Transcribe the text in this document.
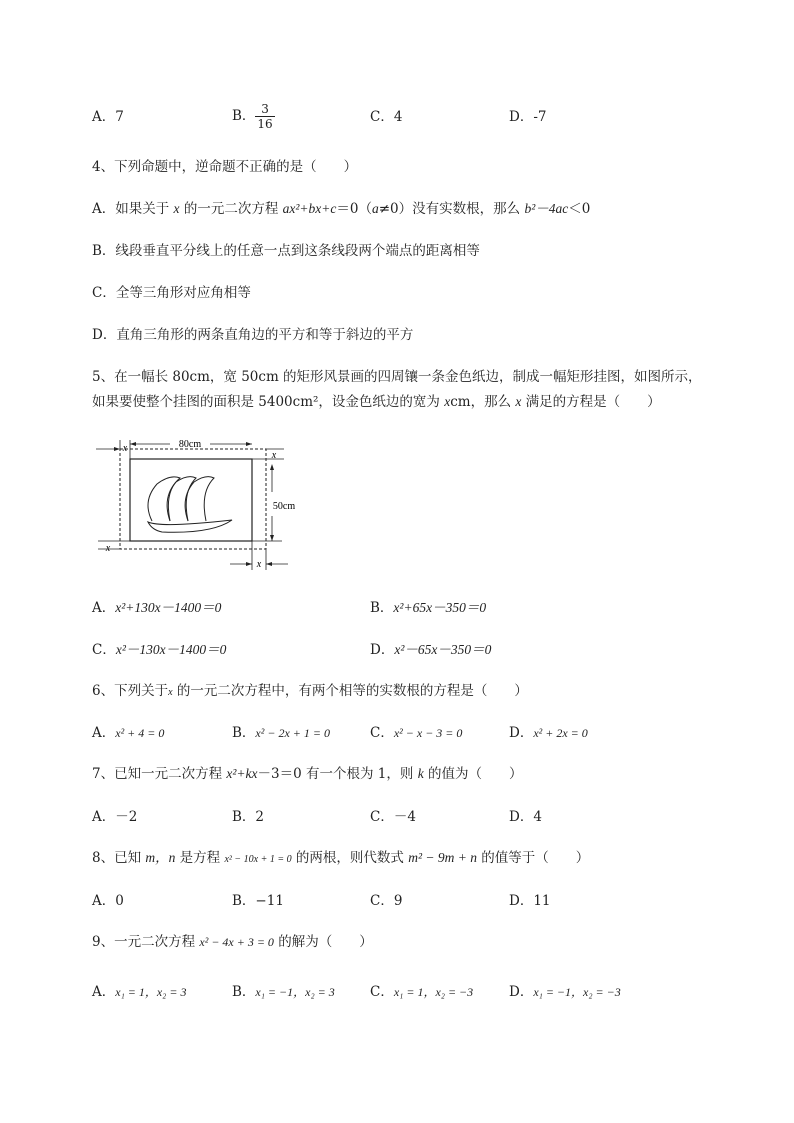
A．7	B． $\frac{3}{16}$	C．4	D．-7
4、下列命题中，逆命题不正确的是（　　）
A．如果关于 x 的一元二次方程 ax²+bx+c＝0（a≠0）没有实数根，那么 b²－4ac＜0
B．线段垂直平分线上的任意一点到这条线段两个端点的距离相等
C．全等三角形对应角相等
D．直角三角形的两条直角边的平方和等于斜边的平方
5、在一幅长 80cm，宽 50cm 的矩形风景画的四周镶一条金色纸边，制成一幅矩形挂图，如图所示，
如果要使整个挂图的面积是 5400cm²，设金色纸边的宽为 xcm，那么 x 满足的方程是（　　）
80cm
x
x
50cm
x
x
A．x²+130x－1400＝0	B．x²+65x－350＝0
C．x²－130x－1400＝0	D．x²－65x－350＝0
6、下列关于x 的一元二次方程中，有两个相等的实数根的方程是（　　）
A．x² + 4 = 0	B．x² − 2x + 1 = 0	C．x² − x − 3 = 0	D．x² + 2x = 0
7、已知一元二次方程 x²+kx－3＝0 有一个根为 1，则 k 的值为（　　）
A．－2	B．2	C．－4	D．4
8、已知 m，n 是方程 x² − 10x + 1 = 0 的两根，则代数式 m² − 9m + n 的值等于（　　）
A．0	B．−11	C．9	D．11
9、一元二次方程 x² − 4x + 3 = 0 的解为（　　）
A．x₁ = 1，x₂ = 3	B．x₁ = −1，x₂ = 3	C．x₁ = 1，x₂ = −3	D．x₁ = −1，x₂ = −3
